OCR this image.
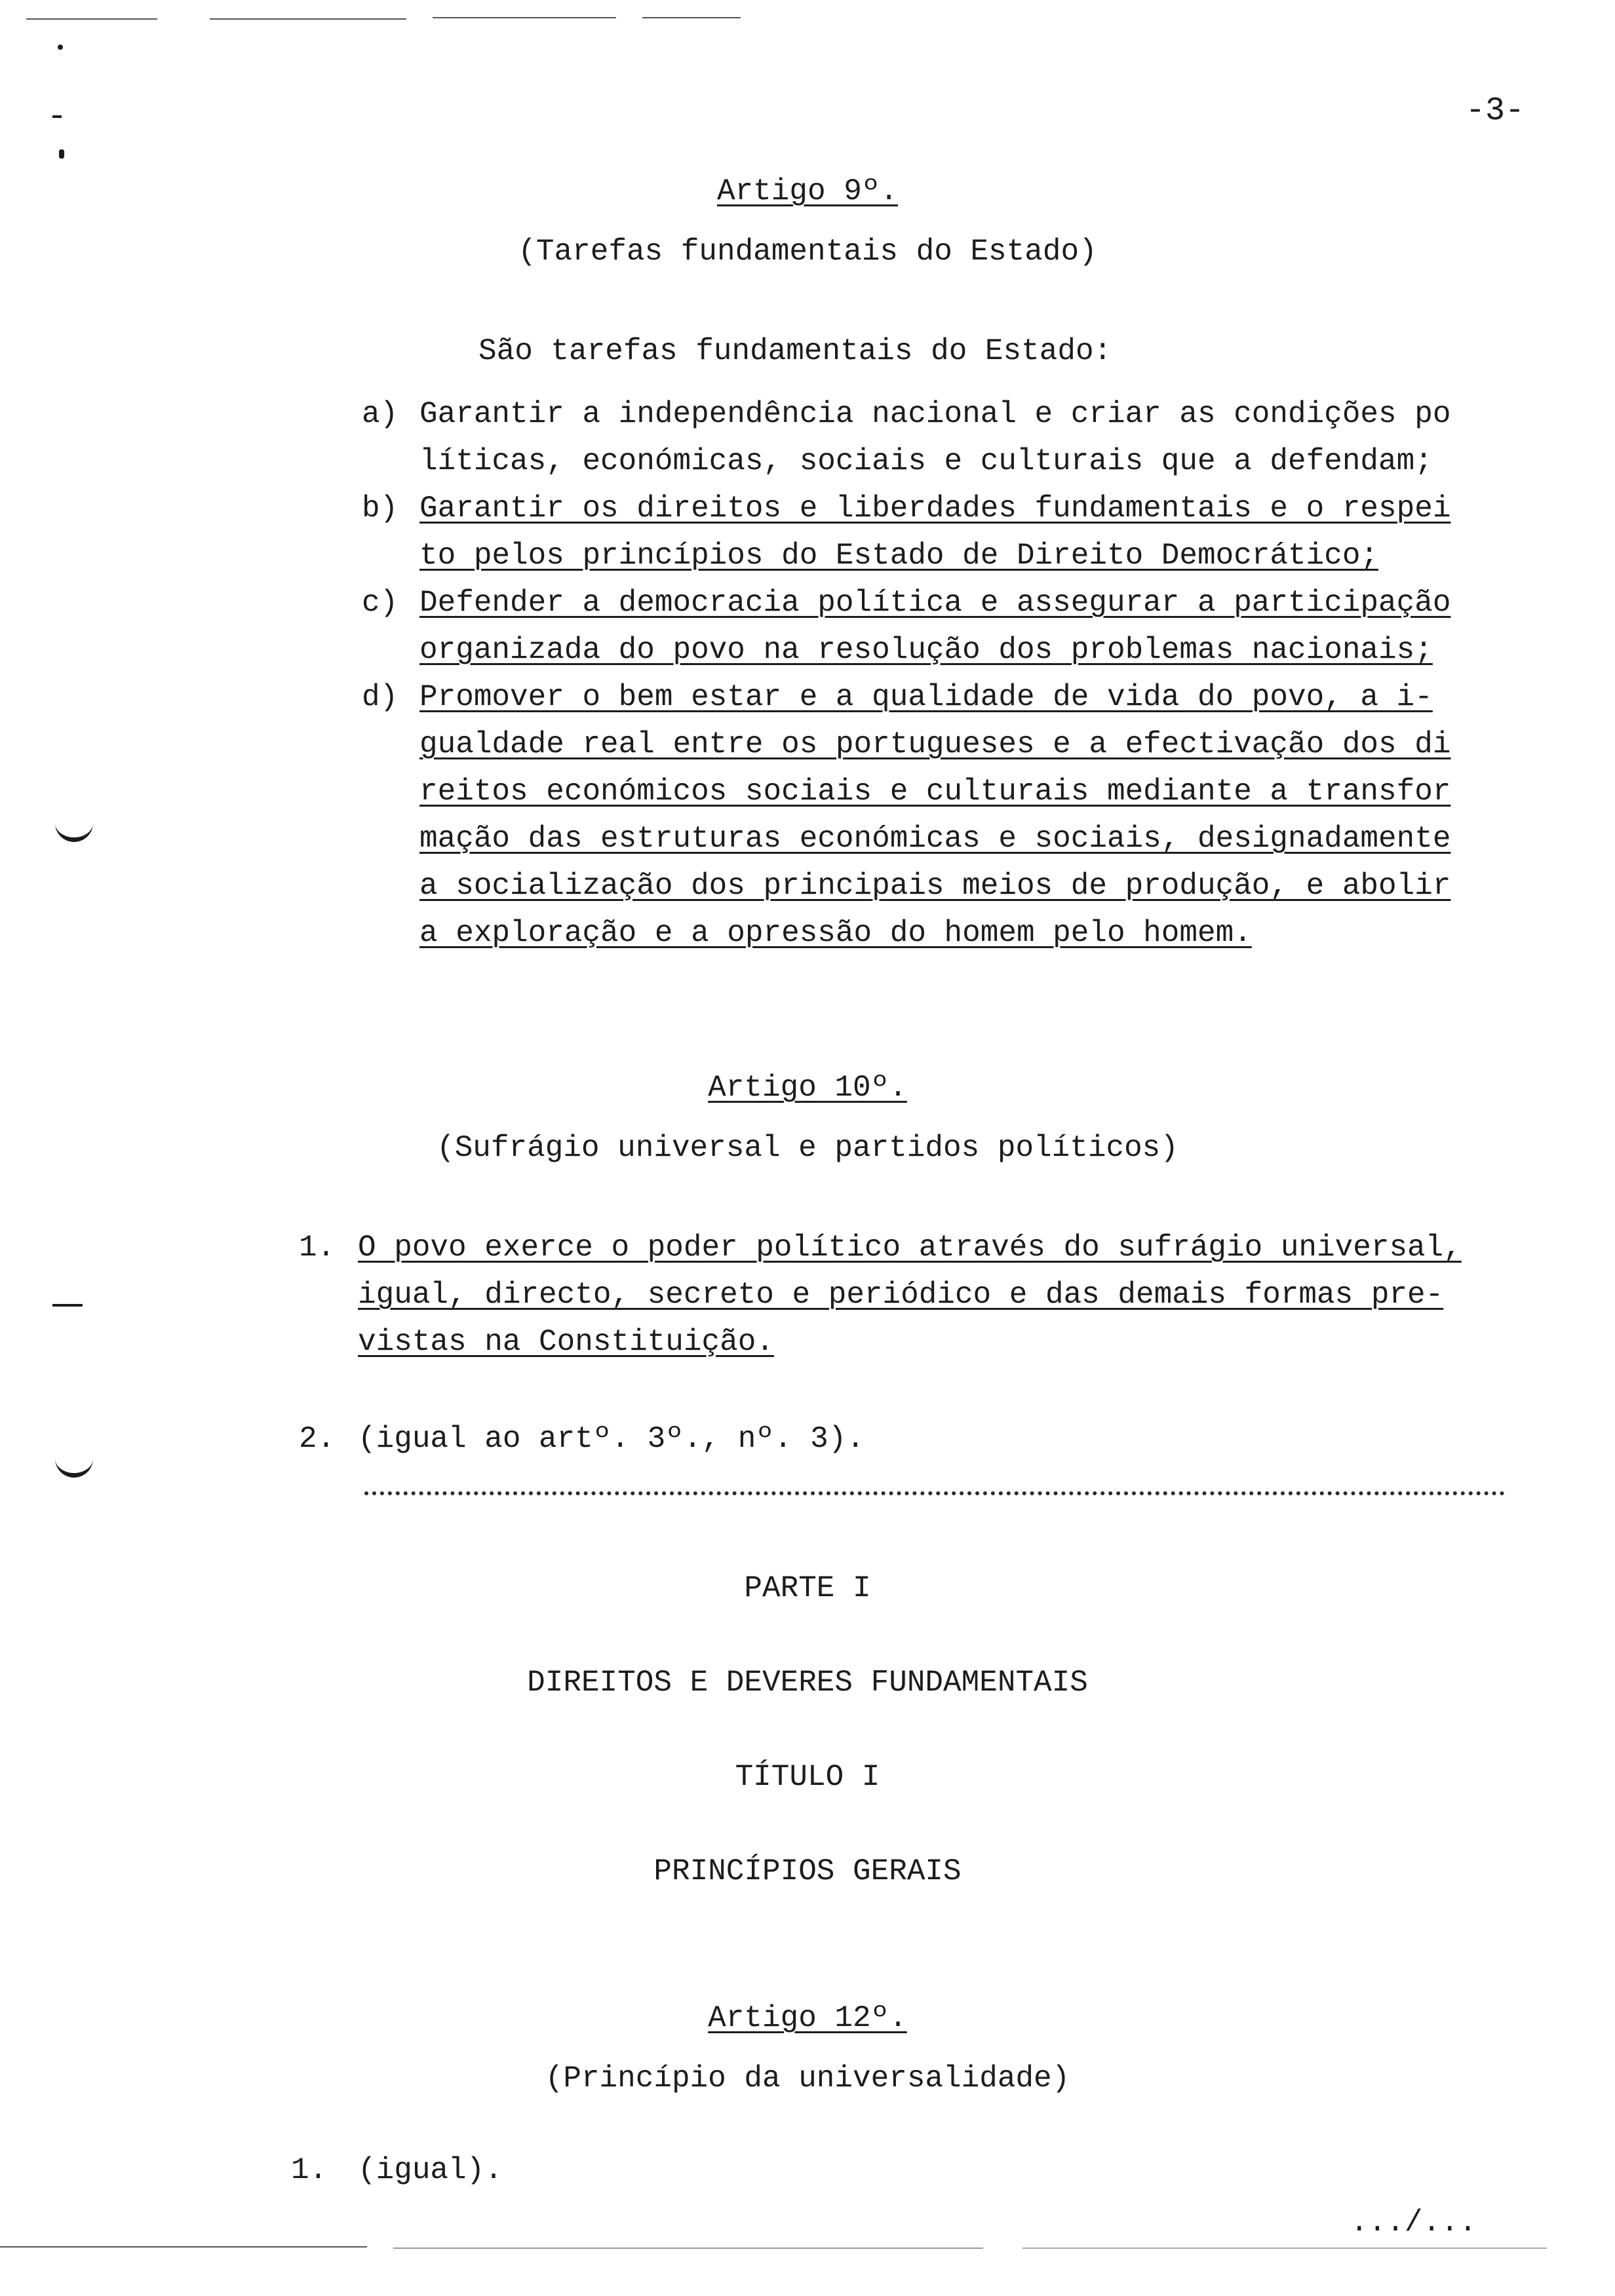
-3-
Artigo 9º.
(Tarefas fundamentais do Estado)
São tarefas fundamentais do Estado:
a) Garantir a independência nacional e criar as condições po
líticas, económicas, sociais e culturais que a defendam;
b) Garantir os direitos e liberdades fundamentais e o respei
to pelos princípios do Estado de Direito Democrático;
c) Defender a democracia política e assegurar a participação
organizada do povo na resolução dos problemas nacionais;
d) Promover o bem estar e a qualidade de vida do povo, a i-
gualdade real entre os portugueses e a efectivação dos di
reitos económicos sociais e culturais mediante a transfor
mação das estruturas económicas e sociais, designadamente
a socialização dos principais meios de produção, e abolir
a exploração e a opressão do homem pelo homem.
Artigo 10º.
(Sufrágio universal e partidos políticos)
1. O povo exerce o poder político através do sufrágio universal,
igual, directo, secreto e periódico e das demais formas pre-
vistas na Constituição.
2. (igual ao artº. 3º., nº. 3).
PARTE I
DIREITOS E DEVERES FUNDAMENTAIS
TÍTULO I
PRINCÍPIOS GERAIS
Artigo 12º.
(Princípio da universalidade)
1. (igual).
.../...
